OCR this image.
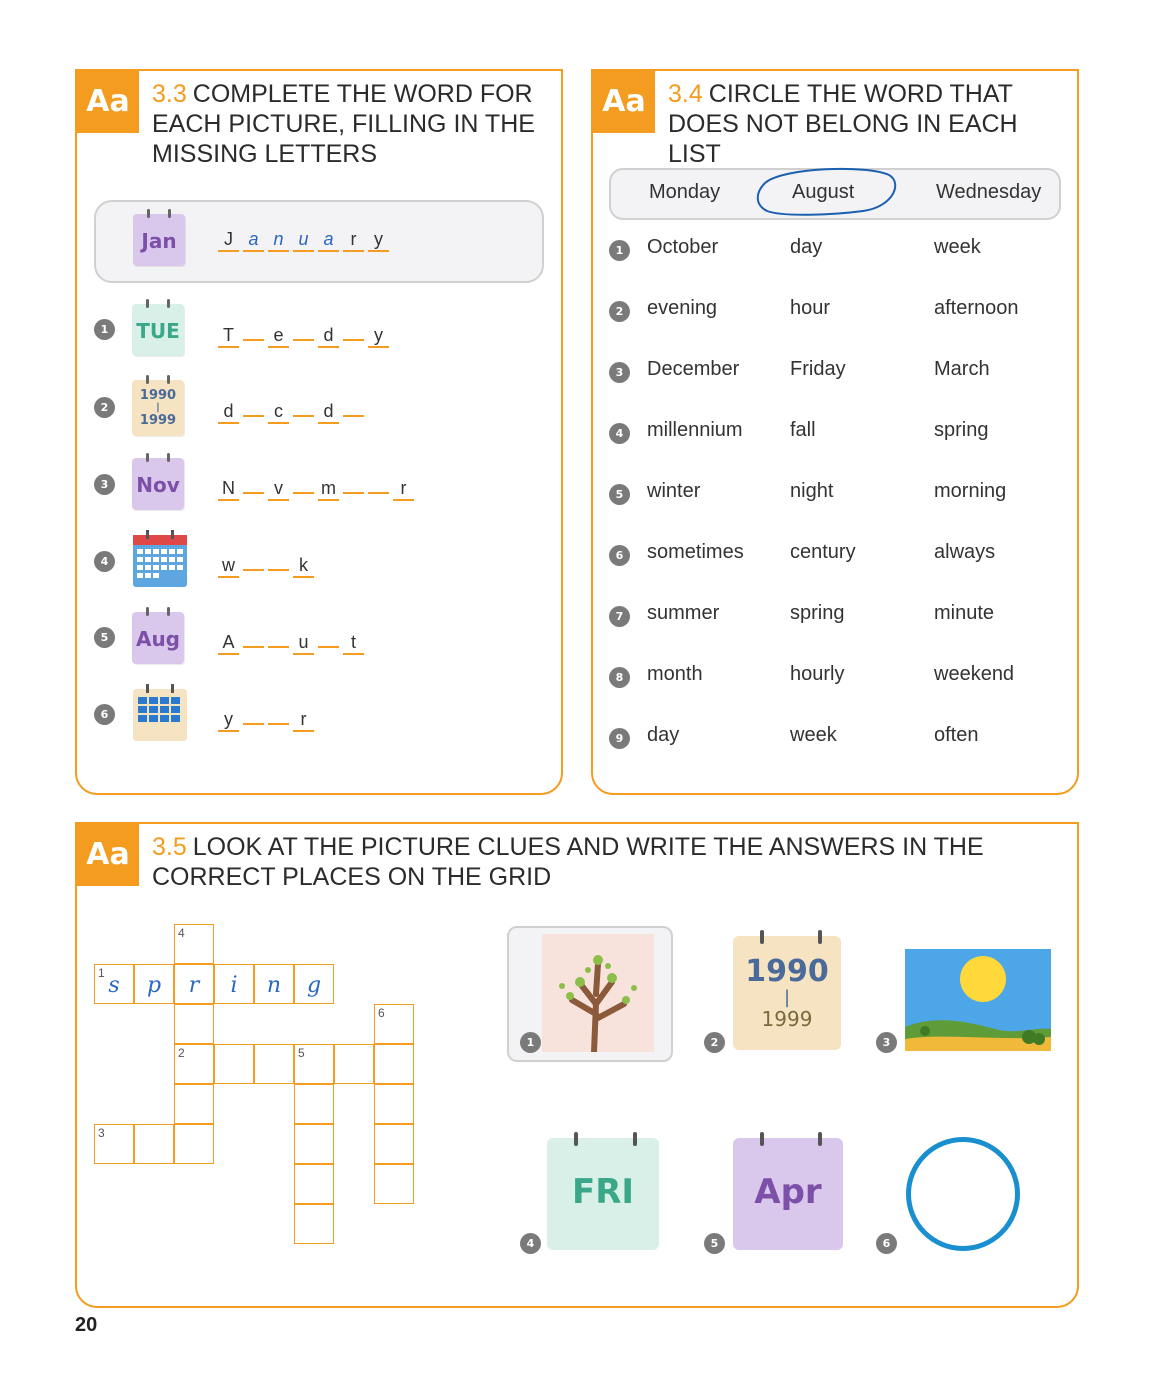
Aa 3.3 COMPLETE THE WORD FOR EACH PICTURE, FILLING IN THE MISSING LETTERS
Jan	J a n u a r y
1	TUE T e d y
2
1990
|
1999	d c d
3	Nov N v m	r
4	w	k
5	Aug A	u t
6	y	r
Aa 3.4 CIRCLE THE WORD THAT DOES NOT BELONG IN EACH LIST
Monday	August	Wednesday
1	October	day	week
2	evening	hour	afternoon
3	December	Friday	March
4	millennium fall	spring
5	winter	night	morning
6	sometimes century	always
7	summer	spring	minute
8	month	hourly	weekend
9	day	week	often
Aa 3.5 LOOK AT THE PICTURE CLUES AND WRITE THE ANSWERS IN THE CORRECT PLACES ON THE GRID
4
1 s	p	r	i	n	g
6
2	5
3
1
1990
|
1999
2	3
FRI
4
Apr
5	6
20
